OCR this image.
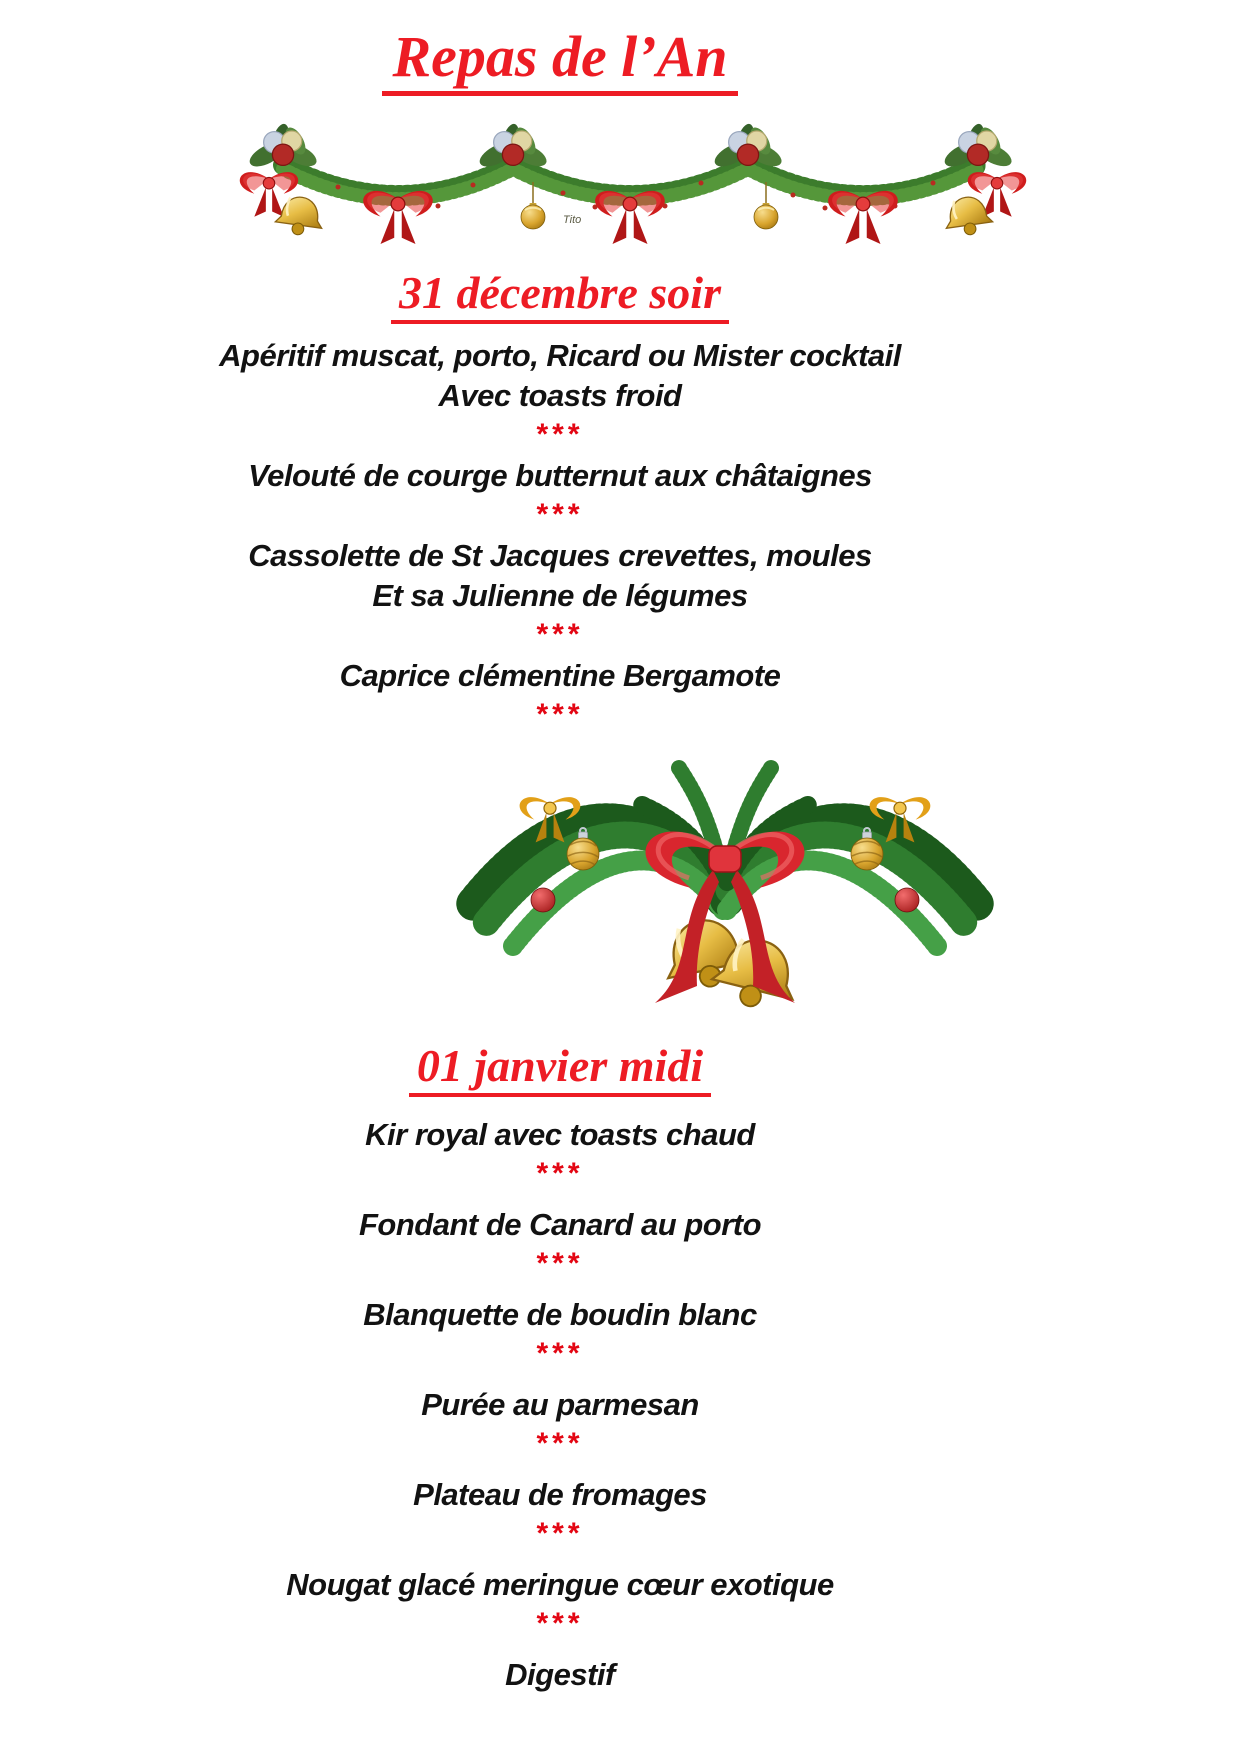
Repas de l’An
Tito
31 décembre soir
Apéritif muscat, porto, Ricard ou Mister cocktail
Avec toasts froid
***
Velouté de courge butternut aux châtaignes
***
Cassolette de St Jacques crevettes, moules
Et sa Julienne de légumes
***
Caprice clémentine Bergamote
***
01 janvier midi
Kir royal avec toasts chaud
***
Fondant de Canard au porto
***
Blanquette de boudin blanc
***
Purée au parmesan
***
Plateau de fromages
***
Nougat glacé meringue cœur exotique
***
Digestif
